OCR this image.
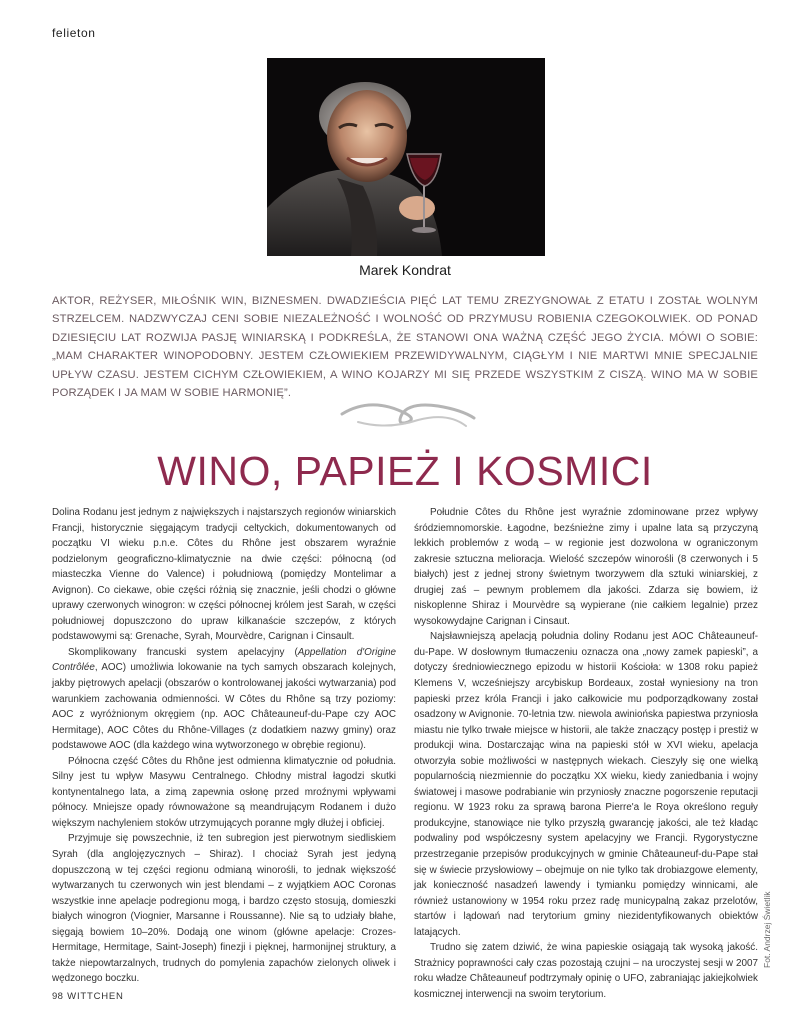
felieton
Marek Kondrat
AKTOR, REŻYSER, MIŁOŚNIK WIN, BIZNESMEN. DWADZIEŚCIA PIĘĆ LAT TEMU ZREZYGNOWAŁ Z ETATU I ZOSTAŁ WOLNYM STRZELCEM. NADZWYCZAJ CENI SOBIE NIEZALEŻNOŚĆ I WOLNOŚĆ OD PRZYMUSU ROBIENIA CZEGOKOLWIEK. OD PONAD DZIESIĘCIU LAT ROZWIJA PASJĘ WINIARSKĄ I PODKREŚLA, ŻE STANOWI ONA WAŻNĄ CZĘŚĆ JEGO ŻYCIA. MÓWI O SOBIE: „MAM CHARAKTER WINOPODOBNY. JESTEM CZŁOWIEKIEM PRZEWIDYWALNYM, CIĄGŁYM I NIE MARTWI MNIE SPECJALNIE UPŁYW CZASU. JESTEM CICHYM CZŁOWIEKIEM, A WINO KOJARZY MI SIĘ PRZEDE WSZYSTKIM Z CISZĄ. WINO MA W SOBIE PORZĄDEK I JA MAM W SOBIE HARMONIĘ”.
WINO, PAPIEŻ I KOSMICI

Dolina Rodanu jest jednym z największych i najstarszych regionów winiarskich Francji, historycznie sięgającym tradycji celtyckich, dokumentowanych od początku VI wieku p.n.e. Côtes du Rhône jest obszarem wyraźnie podzielonym geograficzno-klimatycznie na dwie części: północną (od miasteczka Vienne do Valence) i południową (pomiędzy Montelimar a Avignon). Co ciekawe, obie części różnią się znacznie, jeśli chodzi o główne uprawy czerwonych winogron: w części północnej królem jest Sarah, w części południowej dopuszczono do upraw kilkanaście szczepów, z których podstawowymi są: Grenache, Syrah, Mourvèdre, Carignan i Cinsault.

Skomplikowany francuski system apelacyjny (Appellation d'Origine Contrôlée, AOC) umożliwia lokowanie na tych samych obszarach kolejnych, jakby piętrowych apelacji (obszarów o kontrolowanej jakości wytwarzania) pod warunkiem zachowania odmienności. W Côtes du Rhône są trzy poziomy: AOC z wyróżnionym okręgiem (np. AOC Châteauneuf-du-Pape czy AOC Hermitage), AOC Côtes du Rhône-Villages (z dodatkiem nazwy gminy) oraz podstawowe AOC (dla każdego wina wytworzonego w obrębie regionu).

Północna część Côtes du Rhône jest odmienna klimatycznie od południa. Silny jest tu wpływ Masywu Centralnego. Chłodny mistral łagodzi skutki kontynentalnego lata, a zimą zapewnia osłonę przed mroźnymi wpływami północy. Mniejsze opady równoważone są meandrującym Rodanem i dużo większym nachyleniem stoków utrzymujących poranne mgły dłużej i obficiej.

Przyjmuje się powszechnie, iż ten subregion jest pierwotnym siedliskiem Syrah (dla anglojęzycznych – Shiraz). I chociaż Syrah jest jedyną dopuszczoną w tej części regionu odmianą winorośli, to jednak większość wytwarzanych tu czerwonych win jest blendami – z wyjątkiem AOC Coronas wszystkie inne apelacje podregionu mogą, i bardzo często stosują, domieszki białych winogron (Viognier, Marsanne i Roussanne). Nie są to udziały błahe, sięgają bowiem 10–20%. Dodają one winom (główne apelacje: Crozes-Hermitage, Hermitage, Saint-Joseph) finezji i pięknej, harmonijnej struktury, a także niepowtarzalnych, trudnych do pomylenia zapachów zielonych oliwek i wędzonego boczku.

Południe Côtes du Rhône jest wyraźnie zdominowane przez wpływy śródziemnomorskie. Łagodne, bezśnieżne zimy i upalne lata są przyczyną lekkich problemów z wodą – w regionie jest dozwolona w ograniczonym zakresie sztuczna melioracja. Wielość szczepów winorośli (8 czerwonych i 5 białych) jest z jednej strony świetnym tworzywem dla sztuki winiarskiej, z drugiej zaś – pewnym problemem dla jakości. Zdarza się bowiem, iż niskoplenne Shiraz i Mourvèdre są wypierane (nie całkiem legalnie) przez wysokowydajne Carignan i Cinsaut.

Najsławniejszą apelacją południa doliny Rodanu jest AOC Châteauneuf-du-Pape. W dosłownym tłumaczeniu oznacza ona „nowy zamek papieski”, a dotyczy średniowiecznego epizodu w historii Kościoła: w 1308 roku papież Klemens V, wcześniejszy arcybiskup Bordeaux, został wyniesiony na tron papieski przez króla Francji i jako całkowicie mu podporządkowany został osadzony w Avignonie. 70-letnia tzw. niewola awiniońska papiestwa przyniosła miastu nie tylko trwałe miejsce w historii, ale także znaczący postęp i prestiż w produkcji wina. Dostarczając wina na papieski stół w XVI wieku, apelacja otworzyła sobie możliwości w następnych wiekach. Cieszyły się one wielką popularnością niezmiennie do początku XX wieku, kiedy zaniedbania i wojny światowej i masowe podrabianie win przyniosły znaczne pogorszenie reputacji regionu. W 1923 roku za sprawą barona Pierre'a le Roya określono reguły produkcyjne, stanowiące nie tylko przyszłą gwarancję jakości, ale też kładąc podwaliny pod współczesny system apelacyjny we Francji. Rygorystyczne przestrzeganie przepisów produkcyjnych w gminie Châteauneuf-du-Pape stał się w świecie przysłowiowy – obejmuje on nie tylko tak drobiazgowe elementy, jak konieczność nasadzeń lawendy i tymianku pomiędzy winnicami, ale również ustanowiony w 1954 roku przez radę municypalną zakaz przelotów, startów i lądowań nad terytorium gminy niezidentyfikowanych obiektów latających.

Trudno się zatem dziwić, że wina papieskie osiągają tak wysoką jakość. Strażnicy poprawności cały czas pozostają czujni – na uroczystej sesji w 2007 roku władze Châteauneuf podtrzymały opinię o UFO, zabraniając jakiejkolwiek kosmicznej interwencji na swoim terytorium.

Fot. Andrzej Świetlik
98 WITTCHEN
